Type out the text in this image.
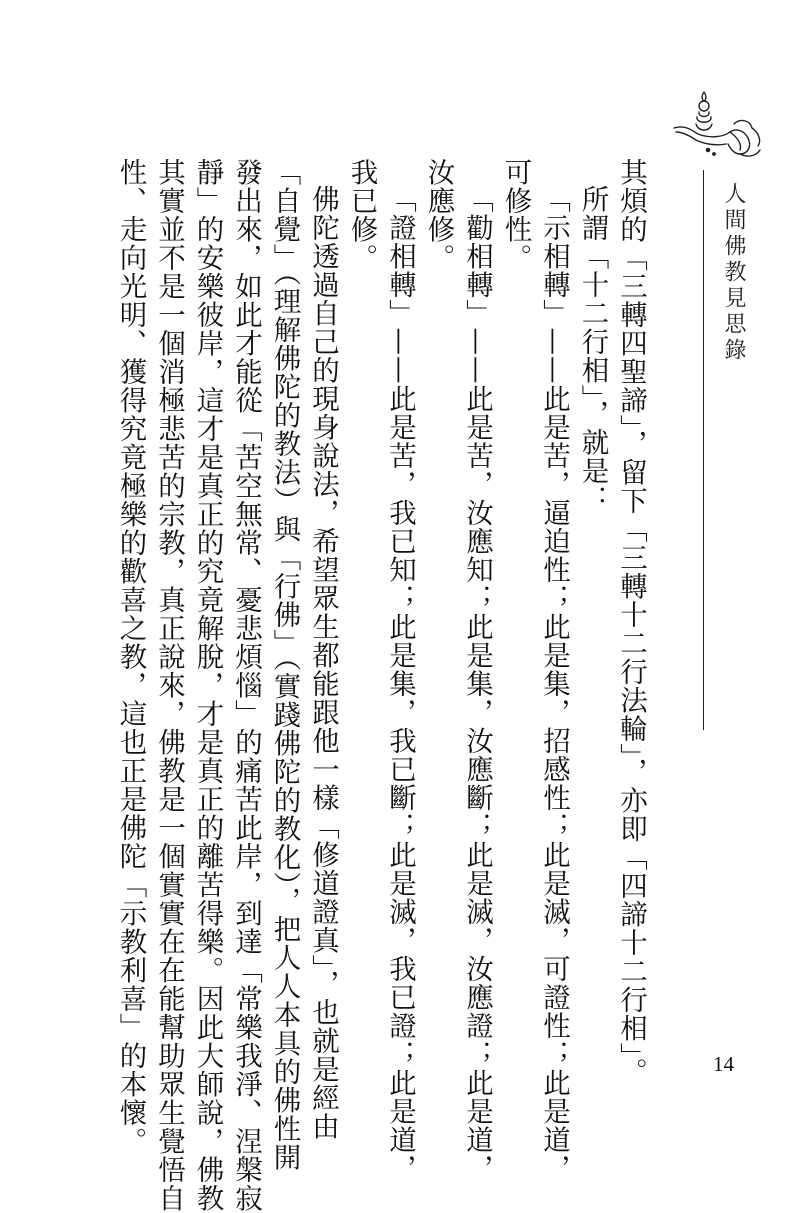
人間佛教見思錄
其煩的「三轉四聖諦」，留下「三轉十二行法輪」，亦即「四諦十二行相」。
所謂「十二行相」，就是：
「示相轉」——此是苦，逼迫性；此是集，招感性；此是滅，可證性；此是道，
可修性。
「勸相轉」——此是苦，汝應知；此是集，汝應斷；此是滅，汝應證；此是道，
汝應修。
「證相轉」——此是苦，我已知；此是集，我已斷；此是滅，我已證；此是道，
我已修。
佛陀透過自己的現身說法，希望眾生都能跟他一樣「修道證真」，也就是經由
「自覺」（理解佛陀的教法）與「行佛」（實踐佛陀的教化），把人人本具的佛性開
發出來，如此才能從「苦空無常、憂悲煩惱」的痛苦此岸，到達「常樂我淨、涅槃寂
靜」的安樂彼岸，這才是真正的究竟解脫，才是真正的離苦得樂。因此大師說，佛教
其實並不是一個消極悲苦的宗教，真正說來，佛教是一個實實在在能幫助眾生覺悟自
性、走向光明、獲得究竟極樂的歡喜之教，這也正是佛陀「示教利喜」的本懷。	14
